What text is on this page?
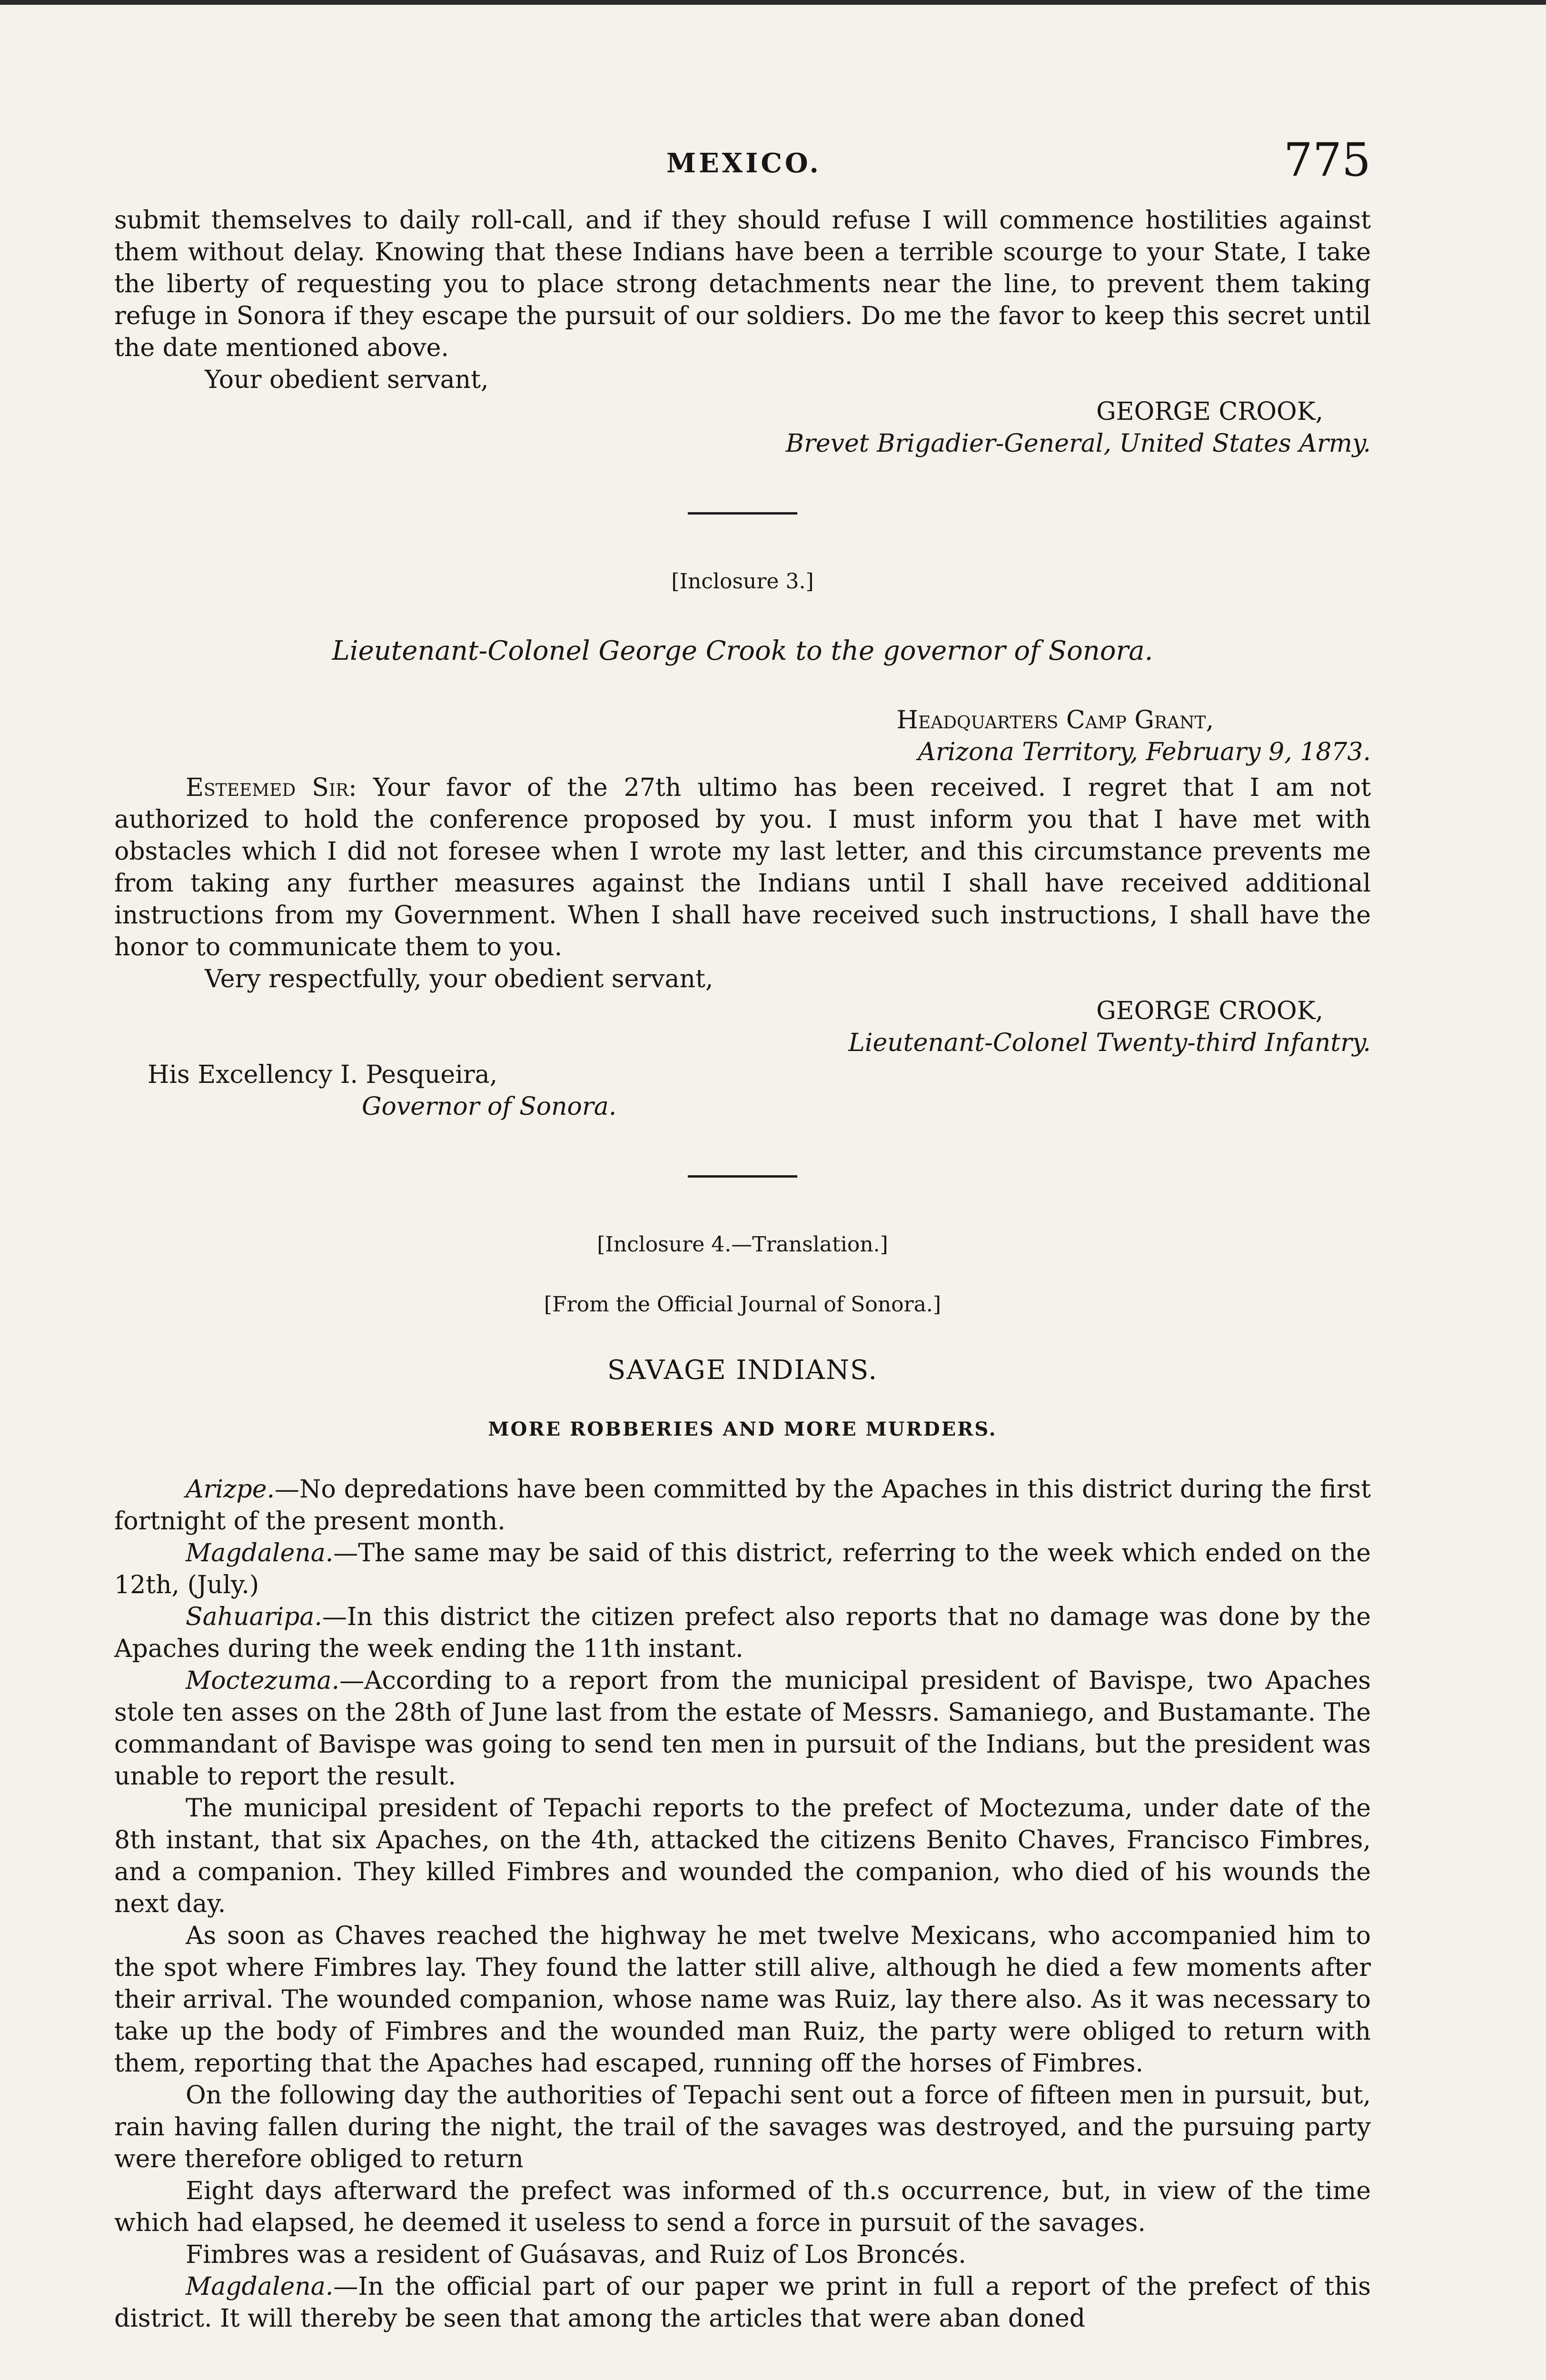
MEXICO.	775

submit themselves to daily roll-call, and if they should refuse I will commence hostilities against them without delay. Knowing that these Indians have been a terrible scourge to your State, I take the liberty of requesting you to place strong detachments near the line, to prevent them taking refuge in Sonora if they escape the pursuit of our soldiers. Do me the favor to keep this secret until the date mentioned above.

Your obedient servant,
GEORGE CROOK,
Brevet Brigadier-General, United States Army.
[Inclosure 3.]
Lieutenant-Colonel George Crook to the governor of Sonora.
Headquarters Camp Grant,
Arizona Territory, February 9, 1873.

Esteemed Sir: Your favor of the 27th ultimo has been received. I regret that I am not authorized to hold the conference proposed by you. I must inform you that I have met with obstacles which I did not foresee when I wrote my last letter, and this circumstance prevents me from taking any further measures against the Indians until I shall have received additional instructions from my Government. When I shall have received such instructions, I shall have the honor to communicate them to you.

Very respectfully, your obedient servant,
GEORGE CROOK,
Lieutenant-Colonel Twenty-third Infantry.
His Excellency I. Pesqueira,
Governor of Sonora.
[Inclosure 4.—Translation.]
[From the Official Journal of Sonora.]
SAVAGE INDIANS.
MORE ROBBERIES AND MORE MURDERS.

Arizpe.—No depredations have been committed by the Apaches in this district during the first fortnight of the present month.

Magdalena.—The same may be said of this district, referring to the week which ended on the 12th, (July.)

Sahuaripa.—In this district the citizen prefect also reports that no damage was done by the Apaches during the week ending the 11th instant.

Moctezuma.—According to a report from the municipal president of Bavispe, two Apaches stole ten asses on the 28th of June last from the estate of Messrs. Samaniego, and Bustamante. The commandant of Bavispe was going to send ten men in pursuit of the Indians, but the president was unable to report the result.

The municipal president of Tepachi reports to the prefect of Moctezuma, under date of the 8th instant, that six Apaches, on the 4th, attacked the citizens Benito Chaves, Francisco Fimbres, and a companion. They killed Fimbres and wounded the companion, who died of his wounds the next day.

As soon as Chaves reached the highway he met twelve Mexicans, who accompanied him to the spot where Fimbres lay. They found the latter still alive, although he died a few moments after their arrival. The wounded companion, whose name was Ruiz, lay there also. As it was necessary to take up the body of Fimbres and the wounded man Ruiz, the party were obliged to return with them, reporting that the Apaches had escaped, running off the horses of Fimbres.

On the following day the authorities of Tepachi sent out a force of fifteen men in pursuit, but, rain having fallen during the night, the trail of the savages was destroyed, and the pursuing party were therefore obliged to return

Eight days afterward the prefect was informed of th.s occurrence, but, in view of the time which had elapsed, he deemed it useless to send a force in pursuit of the savages.

Fimbres was a resident of Guásavas, and Ruiz of Los Broncés.

Magdalena.—In the official part of our paper we print in full a report of the prefect of this district. It will thereby be seen that among the articles that were aban doned
